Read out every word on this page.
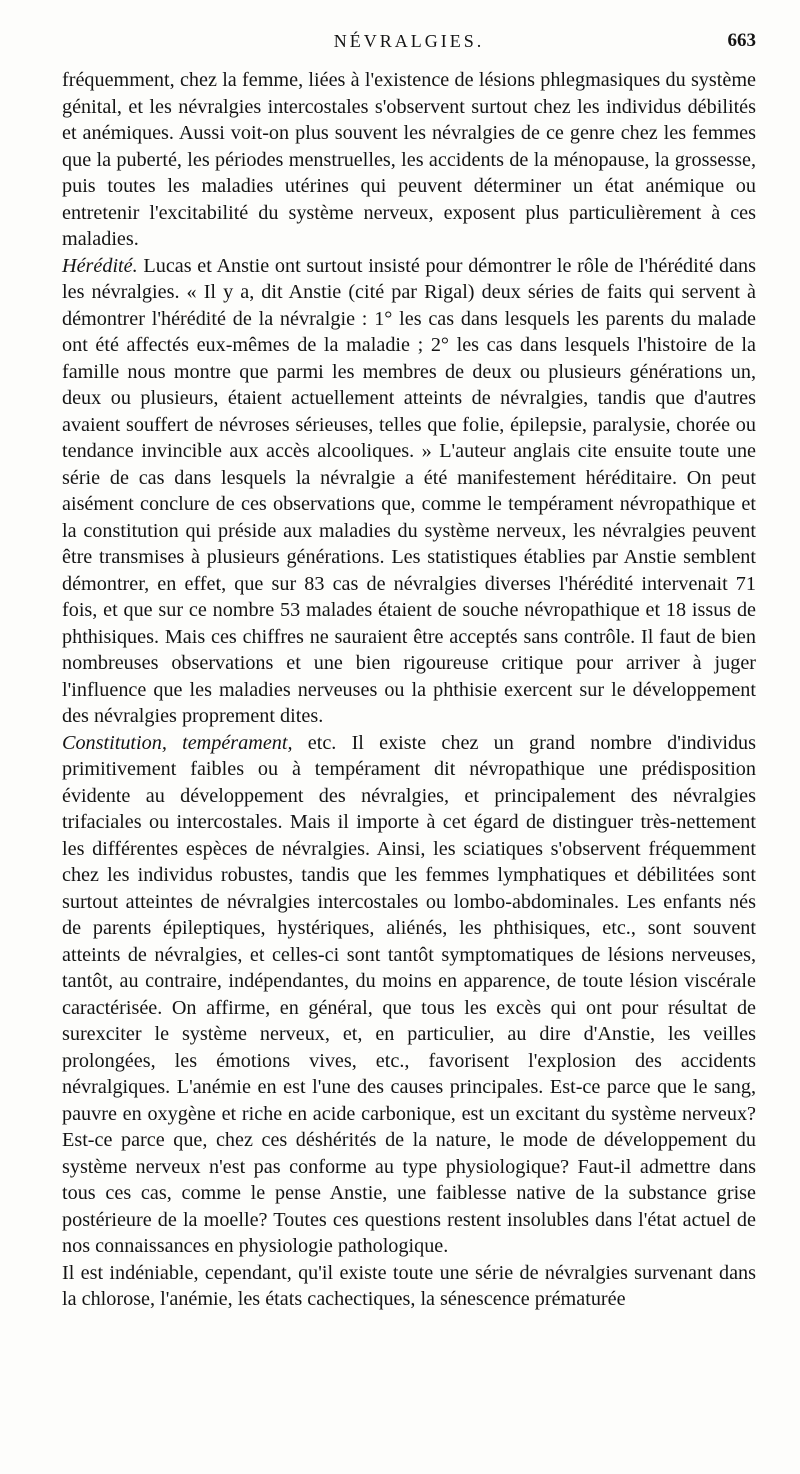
NÉVRALGIES.	663

fréquemment, chez la femme, liées à l'existence de lésions phlegmasiques du système génital, et les névralgies intercostales s'observent surtout chez les individus débilités et anémiques. Aussi voit-on plus souvent les névralgies de ce genre chez les femmes que la puberté, les périodes menstruelles, les accidents de la ménopause, la grossesse, puis toutes les maladies utérines qui peuvent déterminer un état anémique ou entretenir l'excitabilité du système nerveux, exposent plus particulièrement à ces maladies.

Hérédité. Lucas et Anstie ont surtout insisté pour démontrer le rôle de l'hérédité dans les névralgies. « Il y a, dit Anstie (cité par Rigal) deux séries de faits qui servent à démontrer l'hérédité de la névralgie : 1° les cas dans lesquels les parents du malade ont été affectés eux-mêmes de la maladie ; 2° les cas dans lesquels l'histoire de la famille nous montre que parmi les membres de deux ou plusieurs générations un, deux ou plusieurs, étaient actuellement atteints de névralgies, tandis que d'autres avaient souffert de névroses sérieuses, telles que folie, épilepsie, paralysie, chorée ou tendance invincible aux accès alcooliques. » L'auteur anglais cite ensuite toute une série de cas dans lesquels la névralgie a été manifestement héréditaire. On peut aisément conclure de ces observations que, comme le tempérament névropathique et la constitution qui préside aux maladies du système nerveux, les névralgies peuvent être transmises à plusieurs générations. Les statistiques établies par Anstie semblent démontrer, en effet, que sur 83 cas de névralgies diverses l'hérédité intervenait 71 fois, et que sur ce nombre 53 malades étaient de souche névropathique et 18 issus de phthisiques. Mais ces chiffres ne sauraient être acceptés sans contrôle. Il faut de bien nombreuses observations et une bien rigoureuse critique pour arriver à juger l'influence que les maladies nerveuses ou la phthisie exercent sur le développement des névralgies proprement dites.

Constitution, tempérament, etc. Il existe chez un grand nombre d'individus primitivement faibles ou à tempérament dit névropathique une prédisposition évidente au développement des névralgies, et principalement des névralgies trifaciales ou intercostales. Mais il importe à cet égard de distinguer très-nettement les différentes espèces de névralgies. Ainsi, les sciatiques s'observent fréquemment chez les individus robustes, tandis que les femmes lymphatiques et débilitées sont surtout atteintes de névralgies intercostales ou lombo-abdominales. Les enfants nés de parents épileptiques, hystériques, aliénés, les phthisiques, etc., sont souvent atteints de névralgies, et celles-ci sont tantôt symptomatiques de lésions nerveuses, tantôt, au contraire, indépendantes, du moins en apparence, de toute lésion viscérale caractérisée. On affirme, en général, que tous les excès qui ont pour résultat de surexciter le système nerveux, et, en particulier, au dire d'Anstie, les veilles prolongées, les émotions vives, etc., favorisent l'explosion des accidents névralgiques. L'anémie en est l'une des causes principales. Est-ce parce que le sang, pauvre en oxygène et riche en acide carbonique, est un excitant du système nerveux? Est-ce parce que, chez ces déshérités de la nature, le mode de développement du système nerveux n'est pas conforme au type physiologique? Faut-il admettre dans tous ces cas, comme le pense Anstie, une faiblesse native de la substance grise postérieure de la moelle? Toutes ces questions restent insolubles dans l'état actuel de nos connaissances en physiologie pathologique.

Il est indéniable, cependant, qu'il existe toute une série de névralgies survenant dans la chlorose, l'anémie, les états cachectiques, la sénescence prématurée
